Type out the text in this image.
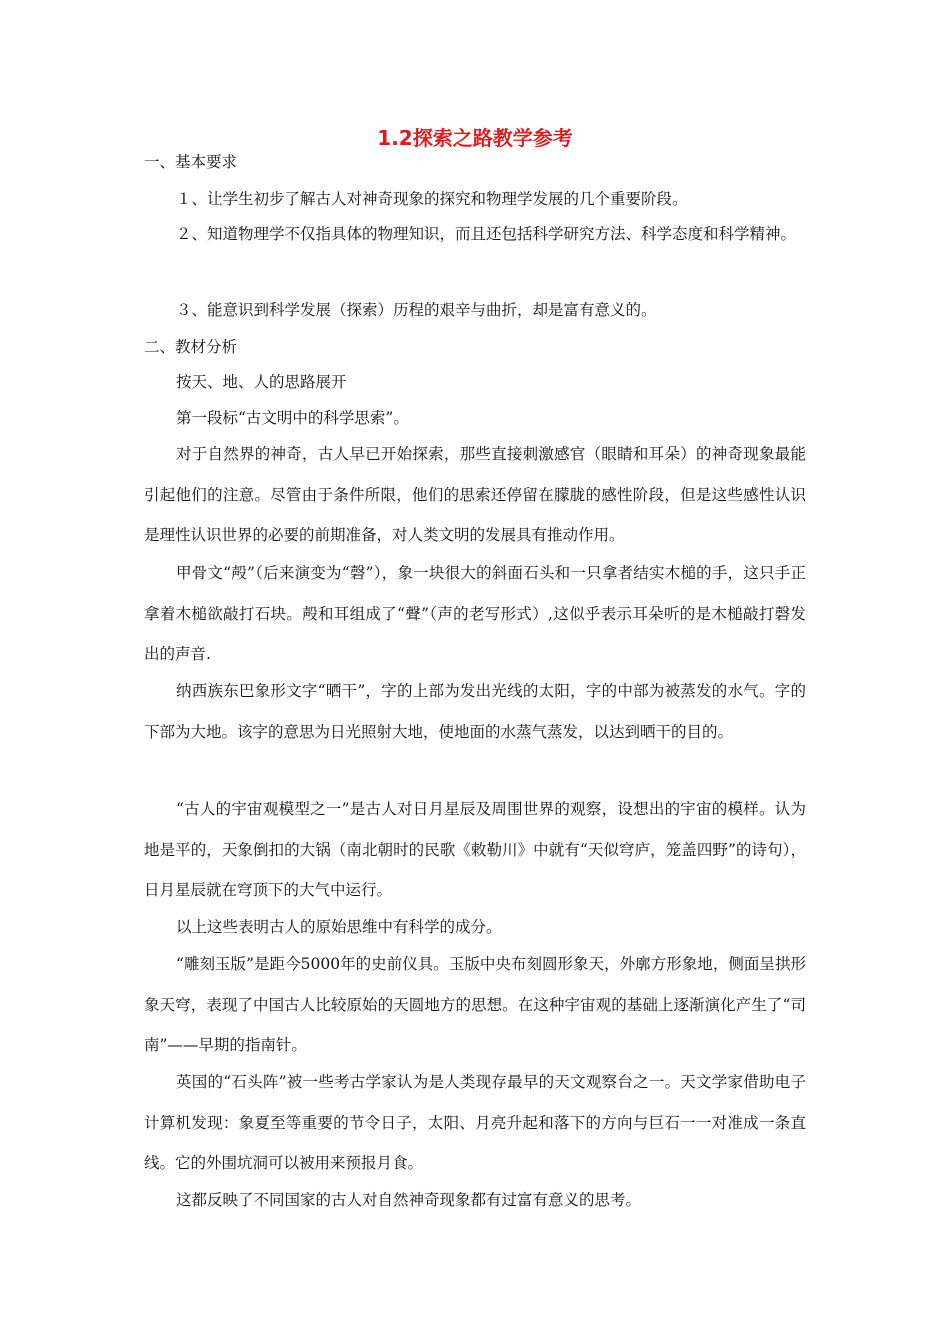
1.2探索之路教学参考
一、基本要求
１、让学生初步了解古人对神奇现象的探究和物理学发展的几个重要阶段。
２、知道物理学不仅指具体的物理知识，而且还包括科学研究方法、科学态度和科学精神。
３、能意识到科学发展（探索）历程的艰辛与曲折，却是富有意义的。
二、教材分析
按天、地、人的思路展开
第一段标“古文明中的科学思索”。
对于自然界的神奇，古人早已开始探索，那些直接刺激感官（眼睛和耳朵）的神奇现象最能引起他们的注意。尽管由于条件所限，他们的思索还停留在朦胧的感性阶段，但是这些感性认识是理性认识世界的必要的前期准备，对人类文明的发展具有推动作用。
甲骨文“殸”（后来演变为“磬”），象一块很大的斜面石头和一只拿者结实木槌的手，这只手正拿着木槌欲敲打石块。殸和耳组成了“聲”（声的老写形式）,这似乎表示耳朵听的是木槌敲打磬发出的声音.
纳西族东巴象形文字“晒干”，字的上部为发出光线的太阳，字的中部为被蒸发的水气。字的下部为大地。该字的意思为日光照射大地，使地面的水蒸气蒸发，以达到晒干的目的。
“古人的宇宙观模型之一”是古人对日月星辰及周围世界的观察，设想出的宇宙的模样。认为地是平的，天象倒扣的大锅（南北朝时的民歌《敕勒川》中就有“天似穹庐，笼盖四野”的诗句），日月星辰就在穹顶下的大气中运行。
以上这些表明古人的原始思维中有科学的成分。
“雕刻玉版”是距今5000年的史前仪具。玉版中央布刻圆形象天，外廓方形象地，侧面呈拱形象天穹，表现了中国古人比较原始的天圆地方的思想。在这种宇宙观的基础上逐渐演化产生了“司南”——早期的指南针。
英国的“石头阵”被一些考古学家认为是人类现存最早的天文观察台之一。天文学家借助电子计算机发现：象夏至等重要的节令日子，太阳、月亮升起和落下的方向与巨石一一对准成一条直线。它的外围坑洞可以被用来预报月食。
这都反映了不同国家的古人对自然神奇现象都有过富有意义的思考。
